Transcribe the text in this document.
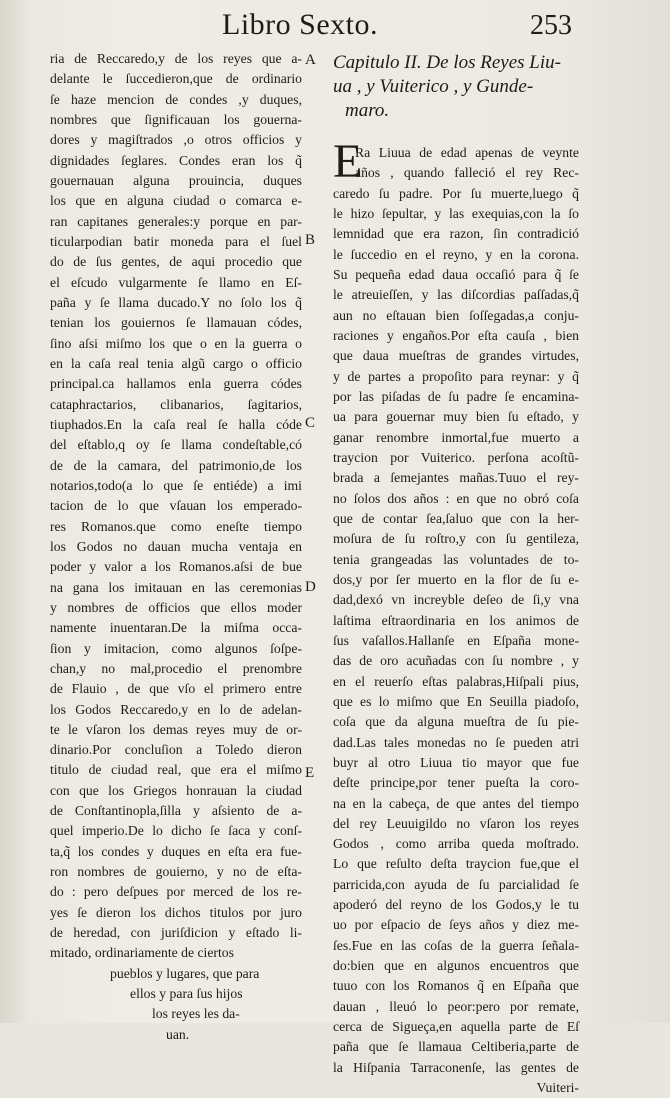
Libro Sexto.	253
ria de Reccaredo,y de los reyes que a-
delante le ſuccedieron,que de ordinario
ſe haze mencion de condes ,y duques,
nombres que ſignificauan los gouerna-
dores y magiſtrados ,o otros officios y
dignidades ſeglares. Condes eran los q̃
gouernauan alguna prouincia, duques
los que en alguna ciudad o comarca e-
ran capitanes generales:y porque en par-
ticularpodian batir moneda para el ſuel
do de ſus gentes, de aqui procedio que
el eſcudo vulgarmente ſe llamo en Eſ-
paña y ſe llama ducado.Y no ſolo los q̃
tenian los gouiernos ſe llamauan códes,
ſino aſsi miſmo los que o en la guerra o
en la caſa real tenia algũ cargo o officio
principal.ca hallamos enla guerra códes
cataphractarios, clibanarios, ſagitarios,
tiuphados.En la caſa real ſe halla códe
del eſtablo,q oy ſe llama condeſtable,có
de de la camara, del patrimonio,de los
notarios,todo(a lo que ſe entiéde) a imi
tacion de lo que vſauan los emperado-
res Romanos.que como eneſte tiempo
los Godos no dauan mucha ventaja en
poder y valor a los Romanos.aſsi de bue
na gana los imitauan en las ceremonias
y nombres de officios que ellos moder
namente inuentaran.De la miſma occa-
ſion y imitacion, como algunos ſoſpe-
chan,y no mal,procedio el prenombre
de Flauio , de que vſo el primero entre
los Godos Reccaredo,y en lo de adelan-
te le vſaron los demas reyes muy de or-
dinario.Por concluſion a Toledo dieron
titulo de ciudad real, que era el miſmo
con que los Griegos honrauan la ciudad
de Conſtantinopla,ſilla y aſsiento de a-
quel imperio.De lo dicho ſe ſaca y conſ-
ta,q̃ los condes y duques en eſta era fue-
ron nombres de gouierno, y no de eſta-
do : pero deſpues por merced de los re-
yes ſe dieron los dichos titulos por juro
de heredad, con juriſdicion y eſtado li-
mitado, ordinariamente de ciertos
pueblos y lugares, que para
ellos y para ſus hijos
los reyes les da-
uan.
A
B
C
D
E
Capitulo II. De los Reyes Liu-
ua , y Vuiterico , y Gunde-
maro.
E
Ra Liuua de edad apenas de veynte
años , quando falleció el rey Rec-
caredo ſu padre. Por ſu muerte,luego q̃
le hizo ſepultar, y las exequias,con la ſo
lemnidad que era razon, ſin contradició
le ſuccedio en el reyno, y en la corona.
Su pequeña edad daua occaſió para q̃ ſe
le atreuieſſen, y las diſcordias paſſadas,q̃
aun no eſtauan bien ſoſſegadas,a conju-
raciones y engaños.Por eſta cauſa , bien
que daua mueſtras de grandes virtudes,
y de partes a propoſito para reynar: y q̃
por las piſadas de ſu padre ſe encamina-
ua para gouernar muy bien ſu eſtado, y
ganar renombre inmortal,fue muerto a
traycion por Vuiterico. perſona acoſtũ-
brada a ſemejantes mañas.Tuuo el rey-
no ſolos dos años : en que no obró coſa
que de contar ſea,ſaluo que con la her-
moſura de ſu roſtro,y con ſu gentileza,
tenia grangeadas las voluntades de to-
dos,y por ſer muerto en la flor de ſu e-
dad,dexó vn increyble deſeo de ſi,y vna
laſtima eſtraordinaria en los animos de
ſus vaſallos.Hallanſe en Eſpaña mone-
das de oro acuñadas con ſu nombre , y
en el reuerſo eſtas palabras,Hiſpali pius,
que es lo miſmo que En Seuilla piadoſo,
coſa que da alguna mueſtra de ſu pie-
dad.Las tales monedas no ſe pueden atri
buyr al otro Liuua tio mayor que fue
deſte principe,por tener pueſta la coro-
na en la cabeça, de que antes del tiempo
del rey Leuuigildo no vſaron los reyes
Godos , como arriba queda moſtrado.
Lo que reſulto deſta traycion fue,que el
parricida,con ayuda de ſu parcialidad ſe
apoderó del reyno de los Godos,y le tu
uo por eſpacio de ſeys años y diez me-
ſes.Fue en las coſas de la guerra ſeñala-
do:bien que en algunos encuentros que
tuuo con los Romanos q̃ en Eſpaña que
dauan , lleuó lo peor:pero por remate,
cerca de Sigueça,en aquella parte de Eſ
paña que ſe llamaua Celtiberia,parte de
la Hiſpania Tarraconenſe, las gentes de
Vuiteri-
